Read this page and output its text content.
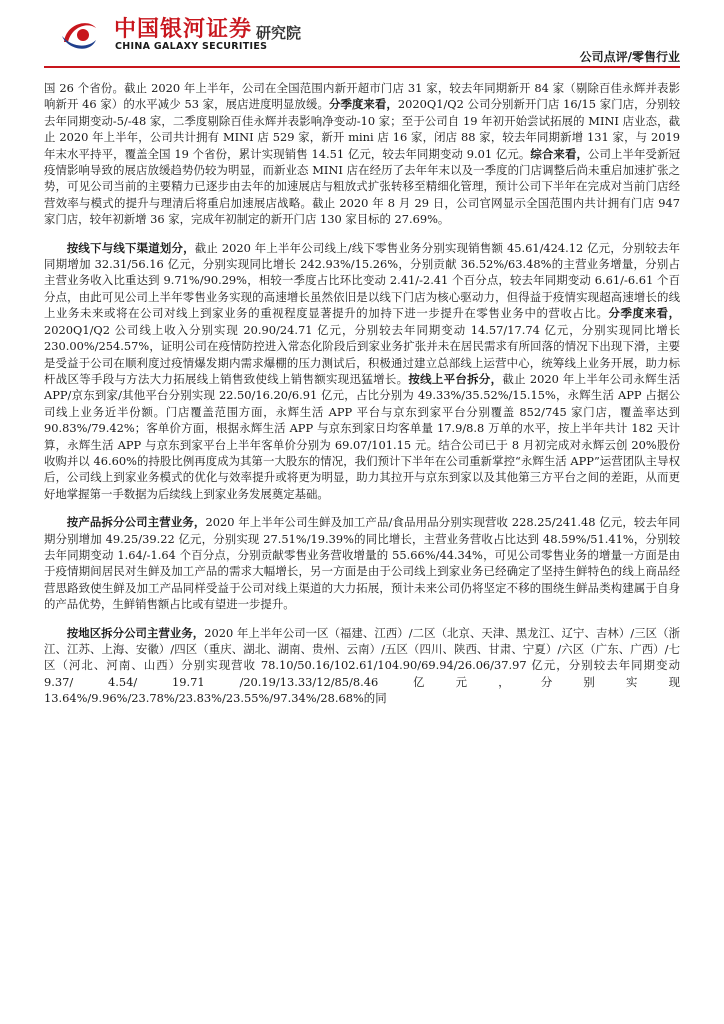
中国银河证券
CHINA GALAXY SECURITIES
研究院
公司点评/零售行业

国 26 个省份。截止 2020 年上半年，公司在全国范围内新开超市门店 31 家，较去年同期新开 84 家（剔除百佳永辉并表影响新开 46 家）的水平减少 53 家，展店进度明显放缓。分季度来看，2020Q1/Q2 公司分别新开门店 16/15 家门店，分别较去年同期变动-5/-48 家，二季度剔除百佳永辉并表影响净变动-10 家；至于公司自 19 年初开始尝试拓展的 MINI 店业态，截止 2020 年上半年，公司共计拥有 MINI 店 529 家，新开 mini 店 16 家，闭店 88 家，较去年同期新增 131 家，与 2019 年末水平持平，覆盖全国 19 个省份，累计实现销售 14.51 亿元，较去年同期变动 9.01 亿元。综合来看，公司上半年受新冠疫情影响导致的展店放缓趋势仍较为明显，而新业态 MINI 店在经历了去年年末以及一季度的门店调整后尚未重启加速扩张之势，可见公司当前的主要精力已逐步由去年的加速展店与粗放式扩张转移至精细化管理，预计公司下半年在完成对当前门店经营效率与模式的提升与理清后将重启加速展店战略。截止 2020 年 8 月 29 日，公司官网显示全国范围内共计拥有门店 947 家门店，较年初新增 36 家，完成年初制定的新开门店 130 家目标的 27.69%。

按线下与线下渠道划分，截止 2020 年上半年公司线上/线下零售业务分别实现销售额 45.61/424.12 亿元，分别较去年同期增加 32.31/56.16 亿元，分别实现同比增长 242.93%/15.26%，分别贡献 36.52%/63.48%的主营业务增量，分别占主营业务收入比重达到 9.71%/90.29%，相较一季度占比环比变动 2.41/-2.41 个百分点，较去年同期变动 6.61/-6.61 个百分点，由此可见公司上半年零售业务实现的高速增长虽然依旧是以线下门店为核心驱动力，但得益于疫情实现超高速增长的线上业务未来或将在公司对线上到家业务的重视程度显著提升的加持下进一步提升在零售业务中的营收占比。分季度来看，2020Q1/Q2 公司线上收入分别实现 20.90/24.71 亿元，分别较去年同期变动 14.57/17.74 亿元，分别实现同比增长 230.00%/254.57%，证明公司在疫情防控进入常态化阶段后到家业务扩张并未在居民需求有所回落的情况下出现下滑，主要是受益于公司在顺利度过疫情爆发期内需求爆棚的压力测试后，积极通过建立总部线上运营中心，统筹线上业务开展，助力标杆战区等手段与方法大力拓展线上销售致使线上销售额实现迅猛增长。按线上平台拆分，截止 2020 年上半年公司永辉生活 APP/京东到家/其他平台分别实现 22.50/16.20/6.91 亿元，占比分别为 49.33%/35.52%/15.15%，永辉生活 APP 占据公司线上业务近半份额。门店覆盖范围方面，永辉生活 APP 平台与京东到家平台分别覆盖 852/745 家门店，覆盖率达到 90.83%/79.42%；客单价方面，根据永辉生活 APP 与京东到家日均客单量 17.9/8.8 万单的水平，按上半年共计 182 天计算，永辉生活 APP 与京东到家平台上半年客单价分别为 69.07/101.15 元。结合公司已于 8 月初完成对永辉云创 20%股份收购并以 46.60%的持股比例再度成为其第一大股东的情况，我们预计下半年在公司重新掌控“永辉生活 APP”运营团队主导权后，公司线上到家业务模式的优化与效率提升或将更为明显，助力其拉开与京东到家以及其他第三方平台之间的差距，从而更好地掌握第一手数据为后续线上到家业务发展奠定基础。

按产品拆分公司主营业务，2020 年上半年公司生鲜及加工产品/食品用品分别实现营收 228.25/241.48 亿元，较去年同期分别增加 49.25/39.22 亿元，分别实现 27.51%/19.39%的同比增长，主营业务营收占比达到 48.59%/51.41%，分别较去年同期变动 1.64/-1.64 个百分点，分别贡献零售业务营收增量的 55.66%/44.34%，可见公司零售业务的增量一方面是由于疫情期间居民对生鲜及加工产品的需求大幅增长，另一方面是由于公司线上到家业务已经确定了坚持生鲜特色的线上商品经营思路致使生鲜及加工产品同样受益于公司对线上渠道的大力拓展，预计未来公司仍将坚定不移的围绕生鲜品类构建属于自身的产品优势，生鲜销售额占比或有望进一步提升。

按地区拆分公司主营业务，2020 年上半年公司一区（福建、江西）/二区（北京、天津、黑龙江、辽宁、吉林）/三区（浙江、江苏、上海、安徽）/四区（重庆、湖北、湖南、贵州、云南）/五区（四川、陕西、甘肃、宁夏）/六区（广东、广西）/七区（河北、河南、山西）分别实现营收 78.10/50.16/102.61/104.90/69.94/26.06/37.97 亿元，分别较去年同期变动 9.37/ 4.54/ 19.71 /20.19/13.33/12/85/8.46 亿元，分别实现 13.64%/9.96%/23.78%/23.83%/23.55%/97.34%/28.68%的同
